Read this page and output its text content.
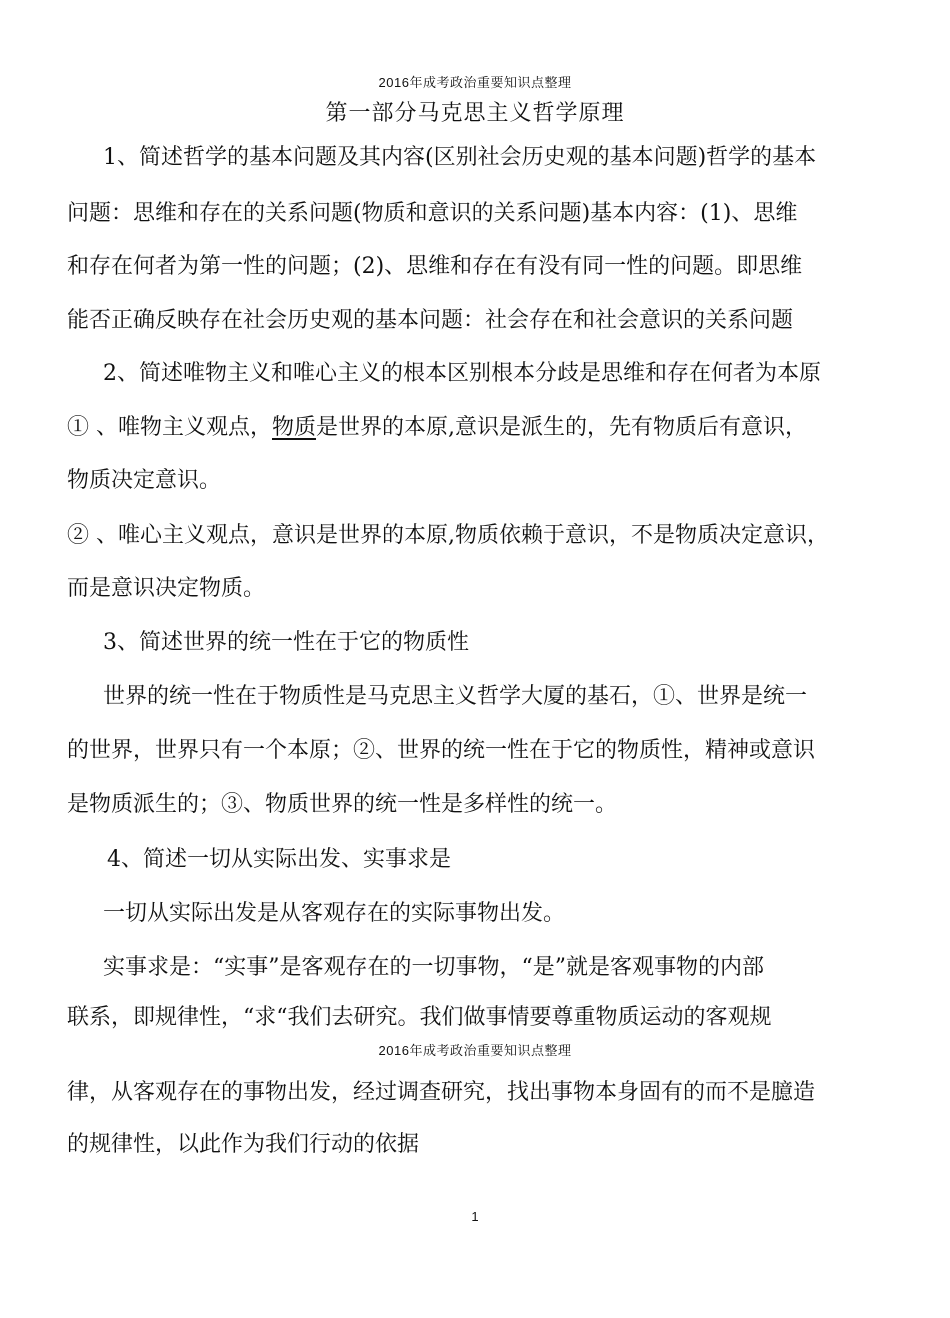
2016年成考政治重要知识点整理
第一部分马克思主义哲学原理
1、简述哲学的基本问题及其内容(区别社会历史观的基本问题)哲学的基本
问题：思维和存在的关系问题(物质和意识的关系问题)基本内容：(1)、思维
和存在何者为第一性的问题；(2)、思维和存在有没有同一性的问题。即思维
能否正确反映存在社会历史观的基本问题：社会存在和社会意识的关系问题
2、简述唯物主义和唯心主义的根本区别根本分歧是思维和存在何者为本原
① 、唯物主义观点，物质是世界的本原,意识是派生的，先有物质后有意识，
物质决定意识。
② 、唯心主义观点，意识是世界的本原,物质依赖于意识，不是物质决定意识，
而是意识决定物质。
3、简述世界的统一性在于它的物质性
世界的统一性在于物质性是马克思主义哲学大厦的基石，①、世界是统一
的世界，世界只有一个本原；②、世界的统一性在于它的物质性，精神或意识
是物质派生的；③、物质世界的统一性是多样性的统一。
4、简述一切从实际出发、实事求是
一切从实际出发是从客观存在的实际事物出发。
实事求是：“实事”是客观存在的一切事物，“是”就是客观事物的内部
联系，即规律性，“求“我们去研究。我们做事情要尊重物质运动的客观规
2016年成考政治重要知识点整理
律，从客观存在的事物出发，经过调查研究，找出事物本身固有的而不是臆造
的规律性，以此作为我们行动的依据
1
